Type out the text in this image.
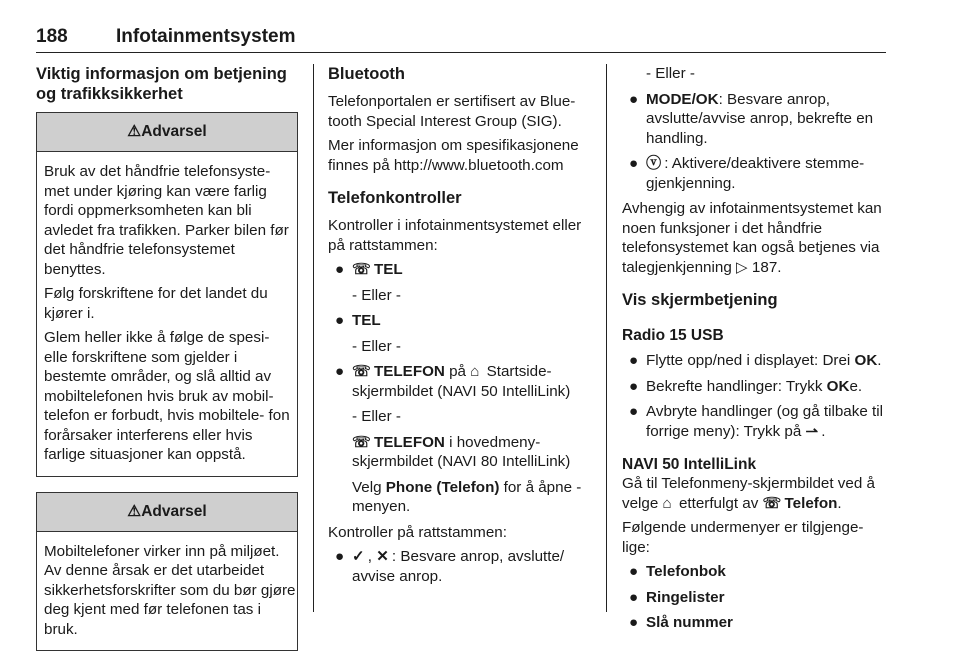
188	Infotainmentsystem
Viktig informasjon om betjening og trafikksikkerhet
⚠Advarsel

Bruk av det håndfrie telefonsyste- met under kjøring kan være farlig fordi oppmerksomheten kan bli avledet fra trafikken. Parker bilen før det håndfrie telefonsystemet benyttes.

Følg forskriftene for det landet du kjører i.

Glem heller ikke å følge de spesi- elle forskriftene som gjelder i bestemte områder, og slå alltid av mobiltelefonen hvis bruk av mobil- telefon er forbudt, hvis mobiltele- fon forårsaker interferens eller hvis farlige situasjoner kan oppstå.

⚠Advarsel

Mobiltelefoner virker inn på miljøet. Av denne årsak er det utarbeidet sikkerhetsforskrifter som du bør gjøre deg kjent med før telefonen tas i bruk.

Bluetooth

Telefonportalen er sertifisert av Blue- tooth Special Interest Group (SIG).

Mer informasjon om spesifikasjonene finnes på http://www.bluetooth.com

Telefonkontroller

Kontroller i infotainmentsystemet eller på rattstammen:

● ☏ TEL
- Eller -
● TEL
- Eller -
● ☏ TELEFON på ⌂ Startside- skjermbildet (NAVI 50 IntelliLink)
- Eller -
☏ TELEFON i hovedmeny- skjermbildet (NAVI 80 IntelliLink)
Velg Phone (Telefon) for å åpne -menyen.

Kontroller på rattstammen:

● ✓ , ✕ : Besvare anrop, avslutte/ avvise anrop.
- Eller -
● MODE/OK: Besvare anrop, avslutte/avvise anrop, bekrefte en handling.
● ⓥ : Aktivere/deaktivere stemme- gjenkjenning.

Avhengig av infotainmentsystemet kan noen funksjoner i det håndfrie telefonsystemet kan også betjenes via talegjenkjenning ▷ 187.

Vis skjermbetjening
Radio 15 USB
● Flytte opp/ned i displayet: Drei OK.
● Bekrefte handlinger: Trykk OKe.
● Avbryte handlinger (og gå tilbake til forrige meny): Trykk på ⇀ .
NAVI 50 IntelliLink

Gå til Telefonmeny-skjermbildet ved å velge ⌂ etterfulgt av ☏ Telefon.

Følgende undermenyer er tilgjenge- lige:

● Telefonbok
● Ringelister
● Slå nummer
